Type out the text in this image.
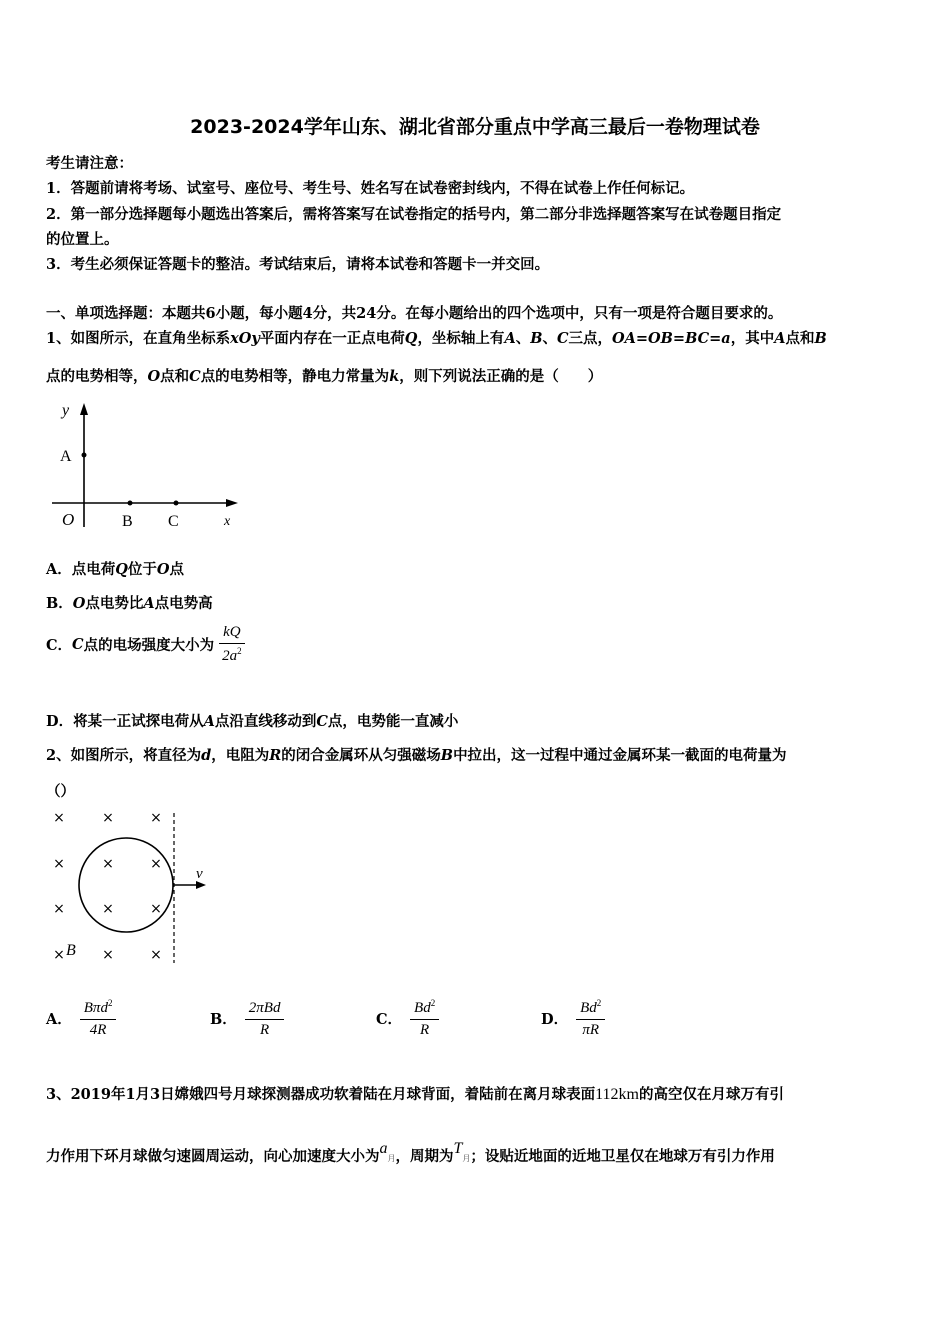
2023-2024学年山东、湖北省部分重点中学高三最后一卷物理试卷
考生请注意：
1．答题前请将考场、试室号、座位号、考生号、姓名写在试卷密封线内，不得在试卷上作任何标记。
2．第一部分选择题每小题选出答案后，需将答案写在试卷指定的括号内，第二部分非选择题答案写在试卷题目指定
的位置上。
3．考生必须保证答题卡的整洁。考试结束后，请将本试卷和答题卡一并交回。
一、单项选择题：本题共6小题，每小题4分，共24分。在每小题给出的四个选项中，只有一项是符合题目要求的。
1、如图所示，在直角坐标系xOy平面内存在一正点电荷Q，坐标轴上有A、B、C三点，OA=OB=BC=a，其中A点和B
点的电势相等，O点和C点的电势相等，静电力常量为k，则下列说法正确的是（　　）
y
A
O	B C	x
A．点电荷Q位于O点
B．O点电势比A点电势高
C． C 点的电场强度大小为 $\frac{kQ}{2a^2}$
D．将某一正试探电荷从A点沿直线移动到C点，电势能一直减小
2、如图所示，将直径为d，电阻为R的闭合金属环从匀强磁场B中拉出，这一过程中通过金属环某一截面的电荷量为
（）
×	×	×
×	×	×
×	×	×
×	×	×
v
B
A． $\frac{B\pi d^2}{4R}$	B． $\frac{\text{2πBd}}{R}$	C． $\frac{Bd^2}{R}$	D． $\frac{Bd^2}{\pi R}$
3、2019年1月3日嫦娥四号月球探测器成功软着陆在月球背面，着陆前在离月球表面112km的高空仅在月球万有引
力作用下环月球做匀速圆周运动，向心加速度大小为a月，周期为T月；设贴近地面的近地卫星仅在地球万有引力作用
